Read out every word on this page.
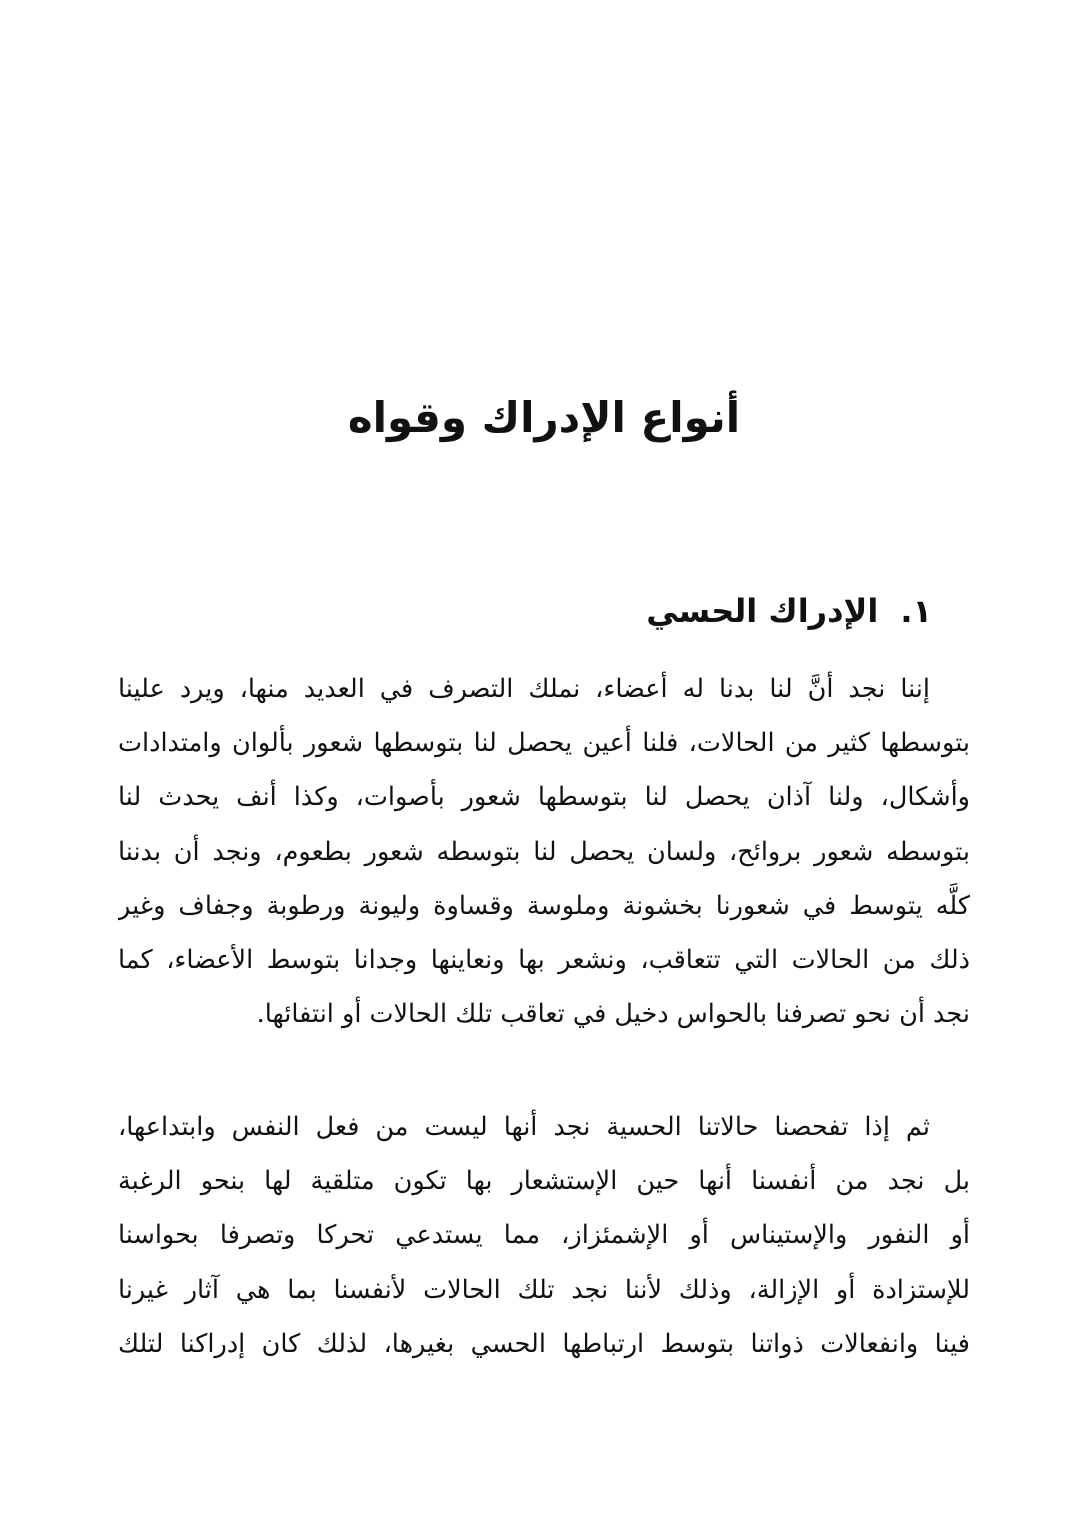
أنواع الإدراك وقواه
١.الإدراك الحسي
إننا نجد أنَّ لنا بدنا له أعضاء، نملك التصرف في العديد منها، ويرد علينا
بتوسطها كثير من الحالات، فلنا أعين يحصل لنا بتوسطها شعور بألوان وامتدادات
وأشكال، ولنا آذان يحصل لنا بتوسطها شعور بأصوات، وكذا أنف يحدث لنا
بتوسطه شعور بروائح، ولسان يحصل لنا بتوسطه شعور بطعوم، ونجد أن بدننا
كلَّه يتوسط في شعورنا بخشونة وملوسة وقساوة وليونة ورطوبة وجفاف وغير
ذلك من الحالات التي تتعاقب، ونشعر بها ونعاينها وجدانا بتوسط الأعضاء، كما
نجد أن نحو تصرفنا بالحواس دخيل في تعاقب تلك الحالات أو انتفائها.
ثم إذا تفحصنا حالاتنا الحسية نجد أنها ليست من فعل النفس وابتداعها،
بل نجد من أنفسنا أنها حين الإستشعار بها تكون متلقية لها بنحو الرغبة
أو النفور والإستيناس أو الإشمئزاز، مما يستدعي تحركا وتصرفا بحواسنا
للإستزادة أو الإزالة، وذلك لأننا نجد تلك الحالات لأنفسنا بما هي آثار غيرنا
فينا وانفعالات ذواتنا بتوسط ارتباطها الحسي بغيرها، لذلك كان إدراكنا لتلك
